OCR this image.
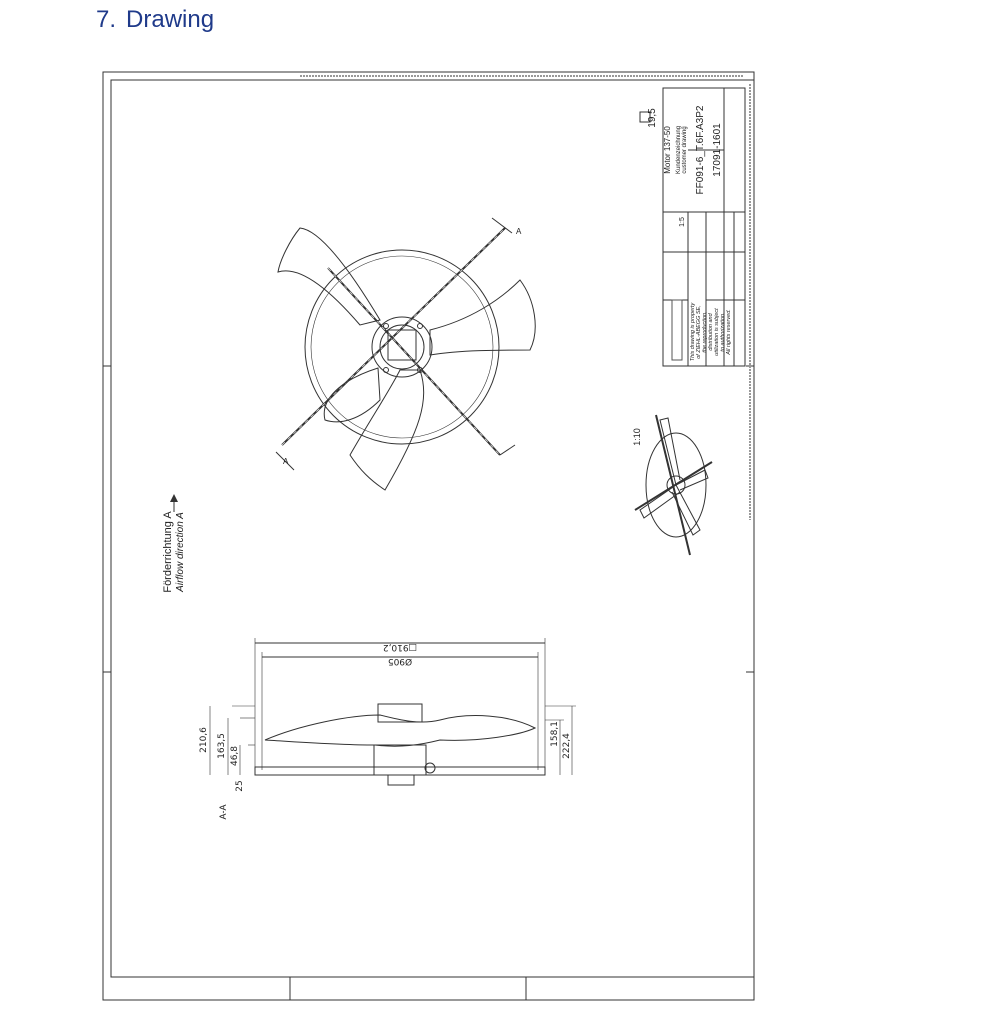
7. Drawing
19,5
Motor 137-50 Kundenzeichnung customer drawing FF091-6_T.6F.A3P2 17091-1601
1:5
This drawing is property of ZIEHL-ABEGG SE, the reproduction, distribution and utilization is subject to authorization. All rights reserved.
A
A
1:10
Förderrichtung A Airflow direction A
□910,2
Ø905
210,6 163,5 46,8
25
158,1 222,4
A-A
